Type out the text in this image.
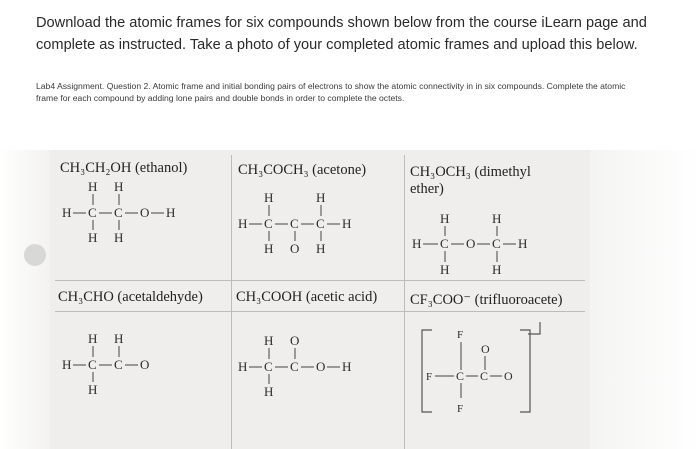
Download the atomic frames for six compounds shown below from the course iLearn page and complete as instructed. Take a photo of your completed atomic frames and upload this below.
Lab4 Assignment. Question 2. Atomic frame and initial bonding pairs of electrons to show the atomic connectivity in in six compounds. Complete the atomic frame for each compound by adding lone pairs and double bonds in order to complete the octets.
CH₃CH₂OH (ethanol)	CH₃COCH₃ (acetone)	CH₃OCH₃ (dimethyl
ether)
CH₃CHO (acetaldehyde) CH₃COOH (acetic acid) CF₃COO⁻ (trifluoroacete)
H H
H C C O H
H H
H	H
H C C C H
H O H
H	H
H C O C H
H	H
H H
H C C O
H
H O
H C C O H
H
F
O
F C C O
F
